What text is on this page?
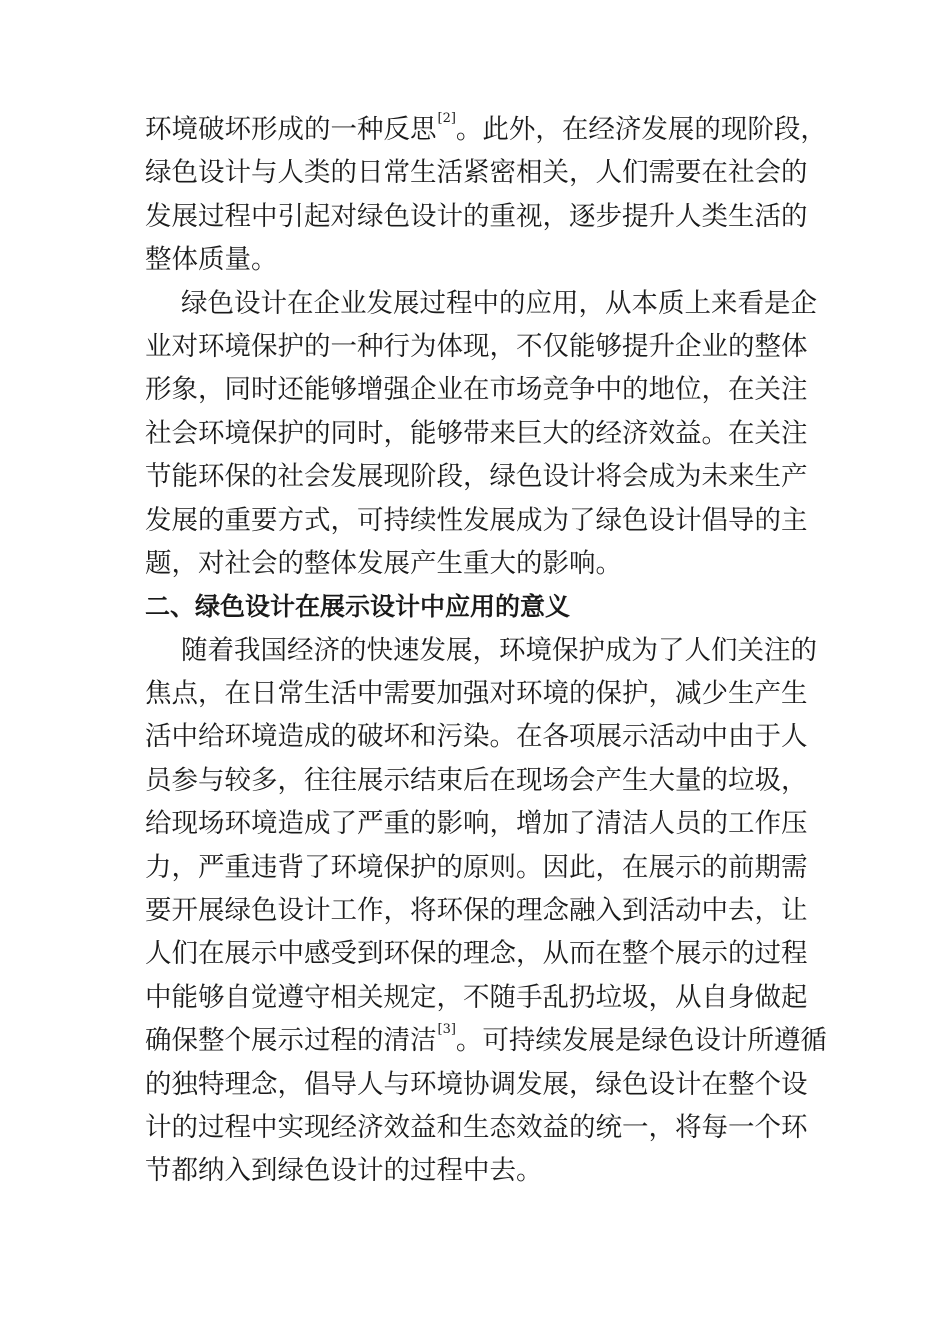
环境破坏形成的一种反思[2]。此外，在经济发展的现阶段，
绿色设计与人类的日常生活紧密相关，人们需要在社会的
发展过程中引起对绿色设计的重视，逐步提升人类生活的
整体质量。
绿色设计在企业发展过程中的应用，从本质上来看是企
业对环境保护的一种行为体现，不仅能够提升企业的整体
形象，同时还能够增强企业在市场竞争中的地位，在关注
社会环境保护的同时，能够带来巨大的经济效益。在关注
节能环保的社会发展现阶段，绿色设计将会成为未来生产
发展的重要方式，可持续性发展成为了绿色设计倡导的主
题，对社会的整体发展产生重大的影响。
二、绿色设计在展示设计中应用的意义
随着我国经济的快速发展，环境保护成为了人们关注的
焦点，在日常生活中需要加强对环境的保护，减少生产生
活中给环境造成的破坏和污染。在各项展示活动中由于人
员参与较多，往往展示结束后在现场会产生大量的垃圾，
给现场环境造成了严重的影响，增加了清洁人员的工作压
力，严重违背了环境保护的原则。因此，在展示的前期需
要开展绿色设计工作，将环保的理念融入到活动中去，让
人们在展示中感受到环保的理念，从而在整个展示的过程
中能够自觉遵守相关规定，不随手乱扔垃圾，从自身做起
确保整个展示过程的清洁[3]。可持续发展是绿色设计所遵循
的独特理念，倡导人与环境协调发展，绿色设计在整个设
计的过程中实现经济效益和生态效益的统一，将每一个环
节都纳入到绿色设计的过程中去。
